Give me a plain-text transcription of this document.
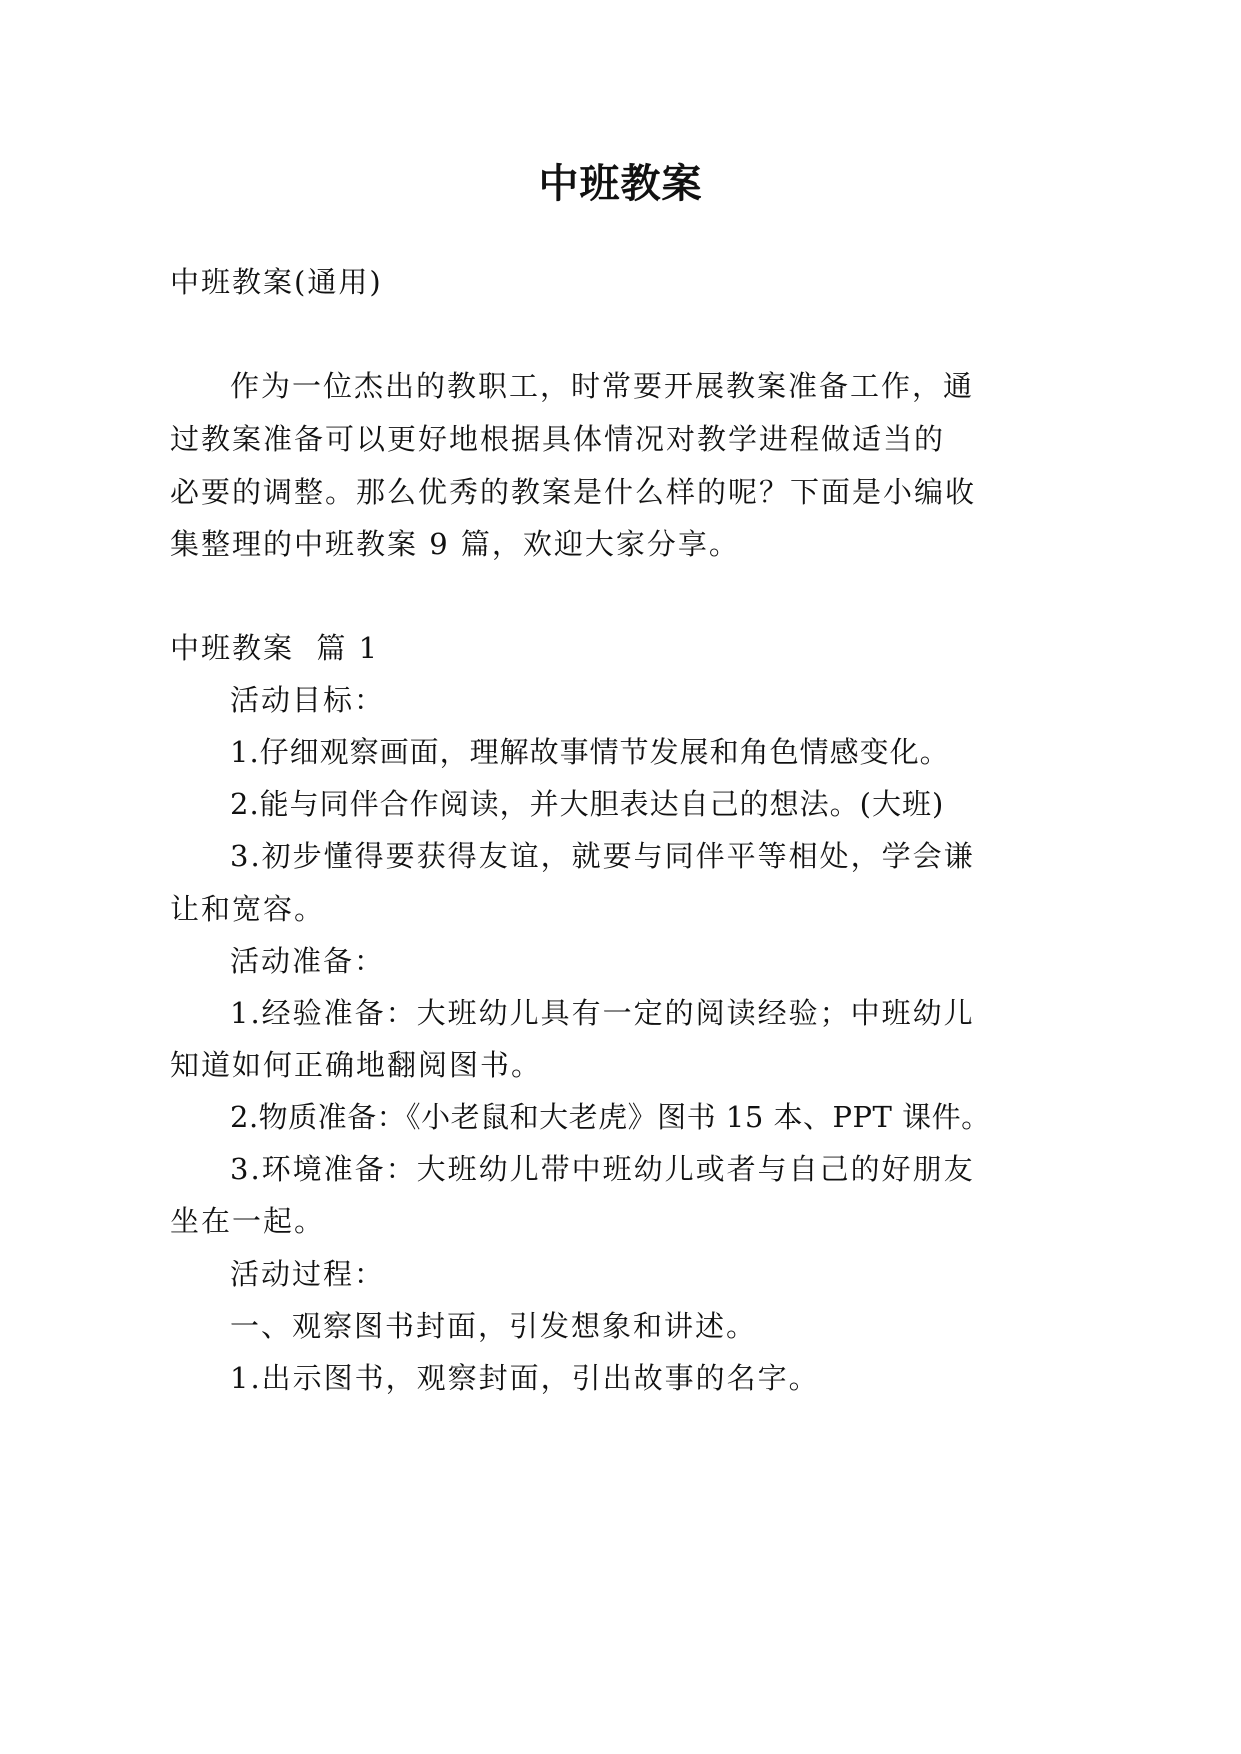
中班教案

中班教案(通用)

作为一位杰出的教职工，时常要开展教案准备工作，通

过教案准备可以更好地根据具体情况对教学进程做适当的

必要的调整。那么优秀的教案是什么样的呢？下面是小编收

集整理的中班教案 9 篇，欢迎大家分享。

中班教案  篇 1

活动目标：

1.仔细观察画面，理解故事情节发展和角色情感变化。

2.能与同伴合作阅读，并大胆表达自己的想法。(大班)

3.初步懂得要获得友谊，就要与同伴平等相处，学会谦

让和宽容。

活动准备：

1.经验准备：大班幼儿具有一定的阅读经验；中班幼儿

知道如何正确地翻阅图书。

2.物质准备：《小老鼠和大老虎》图书 15 本、PPT 课件。

3.环境准备：大班幼儿带中班幼儿或者与自己的好朋友

坐在一起。

活动过程：

一、观察图书封面，引发想象和讲述。

1.出示图书，观察封面，引出故事的名字。
